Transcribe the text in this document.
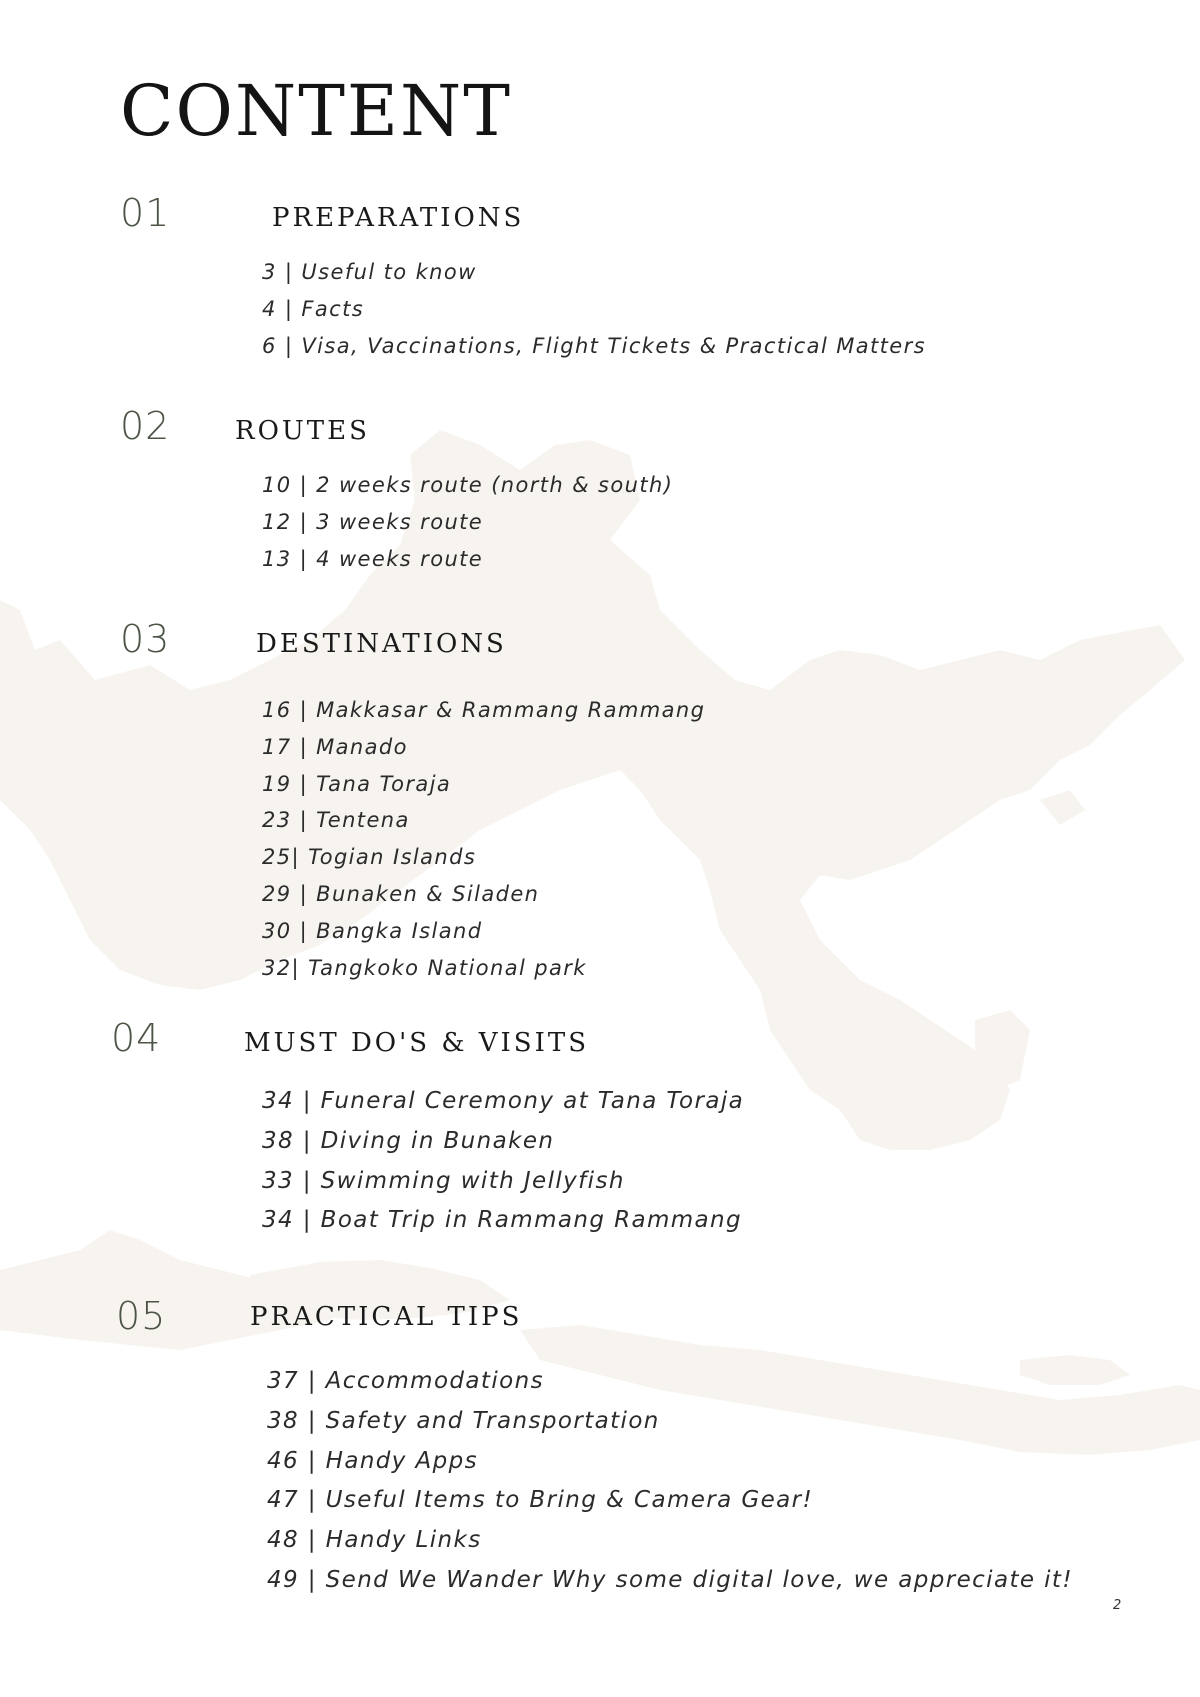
CONTENT
01	PREPARATIONS
3 | Useful to know
4 | Facts
6 | Visa, Vaccinations, Flight Tickets & Practical Matters
02 ROUTES
10 | 2 weeks route (north & south)
12 | 3 weeks route
13 | 4 weeks route
03	DESTINATIONS
16 | Makkasar & Rammang Rammang
17 | Manado
19 | Tana Toraja
23 | Tentena
25| Togian Islands
29 | Bunaken & Siladen
30 | Bangka Island
32| Tangkoko National park
04	MUST DO'S & VISITS
34 | Funeral Ceremony at Tana Toraja
38 | Diving in Bunaken
33 | Swimming with Jellyfish
34 | Boat Trip in Rammang Rammang
05	PRACTICAL TIPS
37 | Accommodations
38 | Safety and Transportation
46 | Handy Apps
47 | Useful Items to Bring & Camera Gear!
48 | Handy Links
49 | Send We Wander Why some digital love, we appreciate it!
2
